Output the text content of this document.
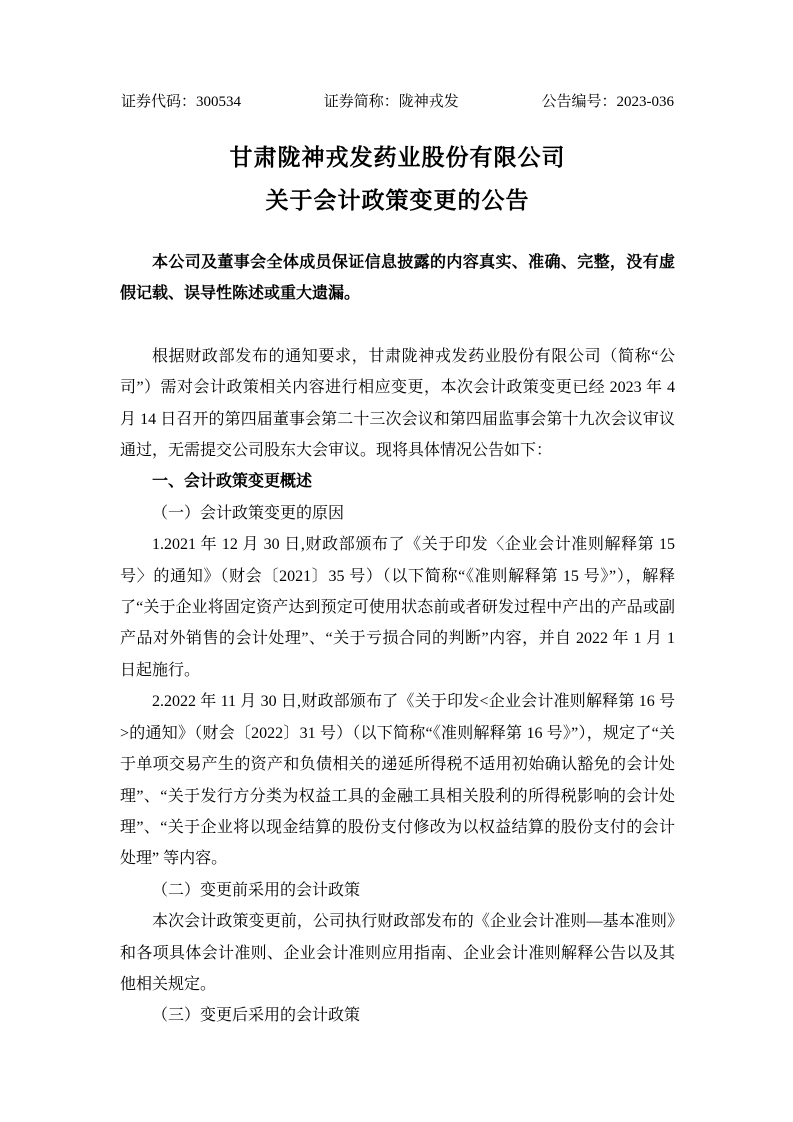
证券代码：300534	证券简称：陇神戎发	公告编号：2023-036
甘肃陇神戎发药业股份有限公司
关于会计政策变更的公告
本公司及董事会全体成员保证信息披露的内容真实、准确、完整，没有虚假记载、误导性陈述或重大遗漏。

根据财政部发布的通知要求，甘肃陇神戎发药业股份有限公司（简称“公司”）需对会计政策相关内容进行相应变更，本次会计政策变更已经 2023 年 4 月 14 日召开的第四届董事会第二十三次会议和第四届监事会第十九次会议审议通过，无需提交公司股东大会审议。现将具体情况公告如下：

一、会计政策变更概述

（一）会计政策变更的原因

1.2021 年 12 月 30 日,财政部颁布了《关于印发〈企业会计准则解释第 15 号〉的通知》（财会〔2021〕35 号）（以下简称“《准则解释第 15 号》”），解释了“关于企业将固定资产达到预定可使用状态前或者研发过程中产出的产品或副产品对外销售的会计处理”、“关于亏损合同的判断”内容，并自 2022 年 1 月 1 日起施行。

2.2022 年 11 月 30 日,财政部颁布了《关于印发<企业会计准则解释第 16 号>的通知》（财会〔2022〕31 号）（以下简称“《准则解释第 16 号》”），规定了“关于单项交易产生的资产和负债相关的递延所得税不适用初始确认豁免的会计处理”、“关于发行方分类为权益工具的金融工具相关股利的所得税影响的会计处理”、“关于企业将以现金结算的股份支付修改为以权益结算的股份支付的会计处理” 等内容。

（二）变更前采用的会计政策

本次会计政策变更前，公司执行财政部发布的《企业会计准则—基本准则》和各项具体会计准则、企业会计准则应用指南、企业会计准则解释公告以及其他相关规定。

（三）变更后采用的会计政策
